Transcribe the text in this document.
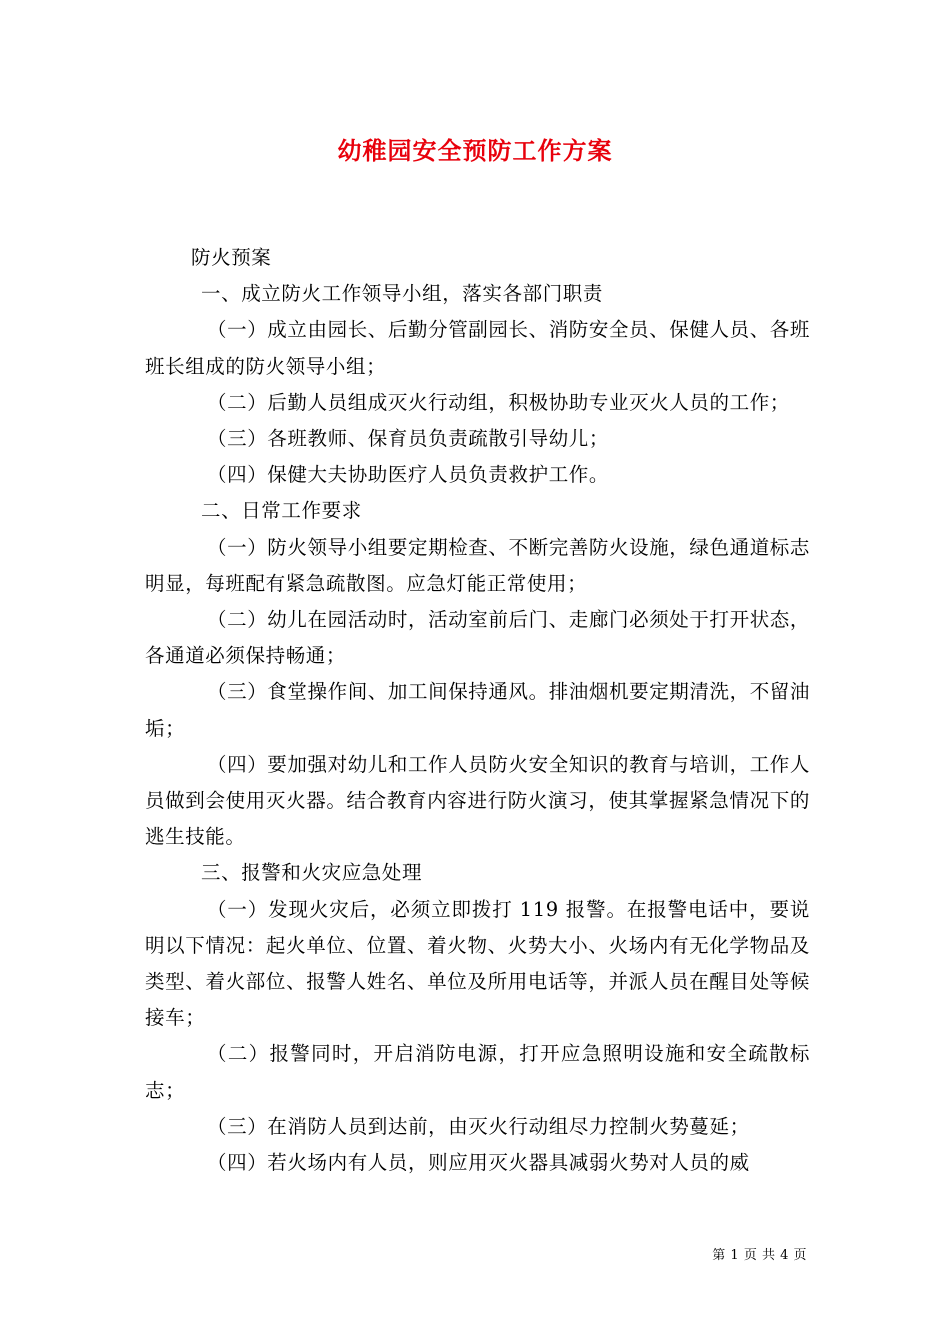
幼稚园安全预防工作方案

防火预案

一、成立防火工作领导小组，落实各部门职责

（一）成立由园长、后勤分管副园长、消防安全员、保健人员、各班班长组成的防火领导小组；

（二）后勤人员组成灭火行动组，积极协助专业灭火人员的工作；

（三）各班教师、保育员负责疏散引导幼儿；

（四）保健大夫协助医疗人员负责救护工作。

二、日常工作要求

（一）防火领导小组要定期检查、不断完善防火设施，绿色通道标志明显，每班配有紧急疏散图。应急灯能正常使用；

（二）幼儿在园活动时，活动室前后门、走廊门必须处于打开状态，各通道必须保持畅通；

（三）食堂操作间、加工间保持通风。排油烟机要定期清洗，不留油垢；

（四）要加强对幼儿和工作人员防火安全知识的教育与培训，工作人员做到会使用灭火器。结合教育内容进行防火演习，使其掌握紧急情况下的逃生技能。

三、报警和火灾应急处理

（一）发现火灾后，必须立即拨打 119 报警。在报警电话中，要说明以下情况：起火单位、位置、着火物、火势大小、火场内有无化学物品及类型、着火部位、报警人姓名、单位及所用电话等，并派人员在醒目处等候接车；

（二）报警同时，开启消防电源，打开应急照明设施和安全疏散标志；

（三）在消防人员到达前，由灭火行动组尽力控制火势蔓延；

（四）若火场内有人员，则应用灭火器具减弱火势对人员的威

第 1 页 共 4 页
